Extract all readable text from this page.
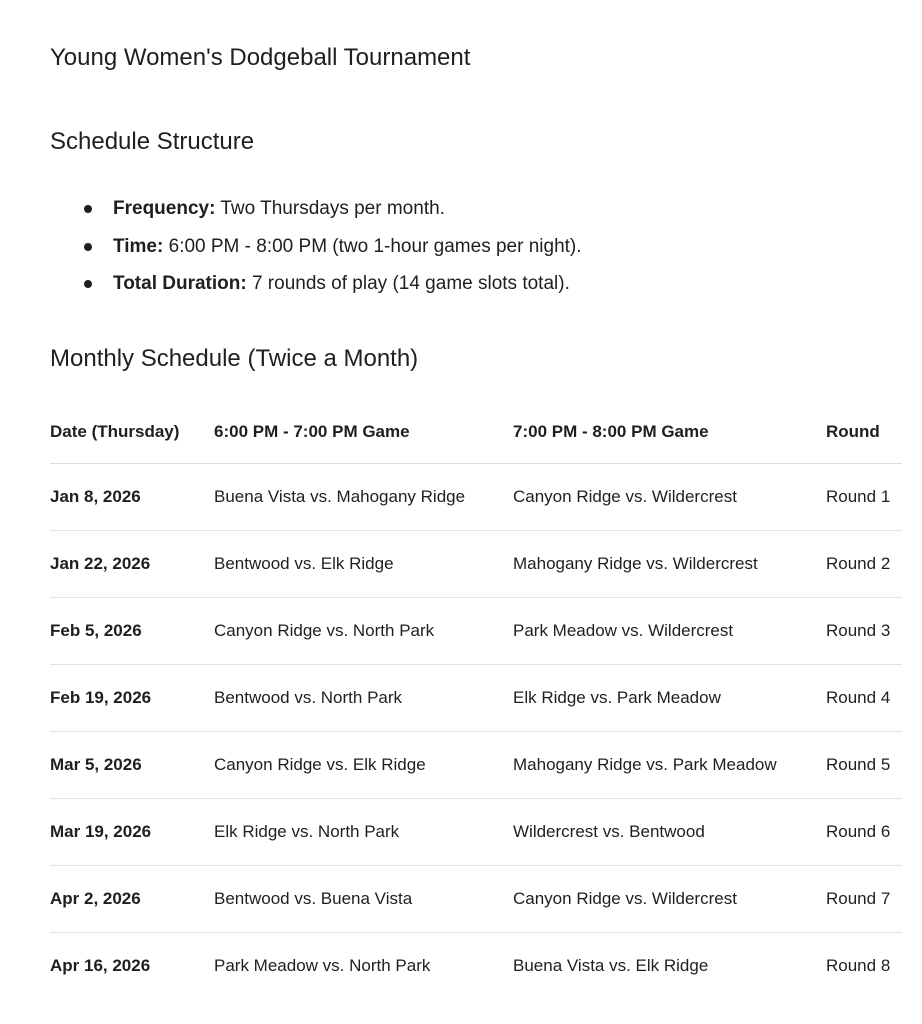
Young Women's Dodgeball Tournament
Schedule Structure
Frequency: Two Thursdays per month.
Time: 6:00 PM - 8:00 PM (two 1-hour games per night).
Total Duration: 7 rounds of play (14 game slots total).
Monthly Schedule (Twice a Month)
Date (Thursday)	6:00 PM - 7:00 PM Game	7:00 PM - 8:00 PM Game	Round
Jan 8, 2026	Buena Vista vs. Mahogany Ridge	Canyon Ridge vs. Wildercrest	Round 1
Jan 22, 2026	Bentwood vs. Elk Ridge	Mahogany Ridge vs. Wildercrest	Round 2
Feb 5, 2026	Canyon Ridge vs. North Park	Park Meadow vs. Wildercrest	Round 3
Feb 19, 2026	Bentwood vs. North Park	Elk Ridge vs. Park Meadow	Round 4
Mar 5, 2026	Canyon Ridge vs. Elk Ridge	Mahogany Ridge vs. Park Meadow	Round 5
Mar 19, 2026	Elk Ridge vs. North Park	Wildercrest vs. Bentwood	Round 6
Apr 2, 2026	Bentwood vs. Buena Vista	Canyon Ridge vs. Wildercrest	Round 7
Apr 16, 2026	Park Meadow vs. North Park	Buena Vista vs. Elk Ridge	Round 8
